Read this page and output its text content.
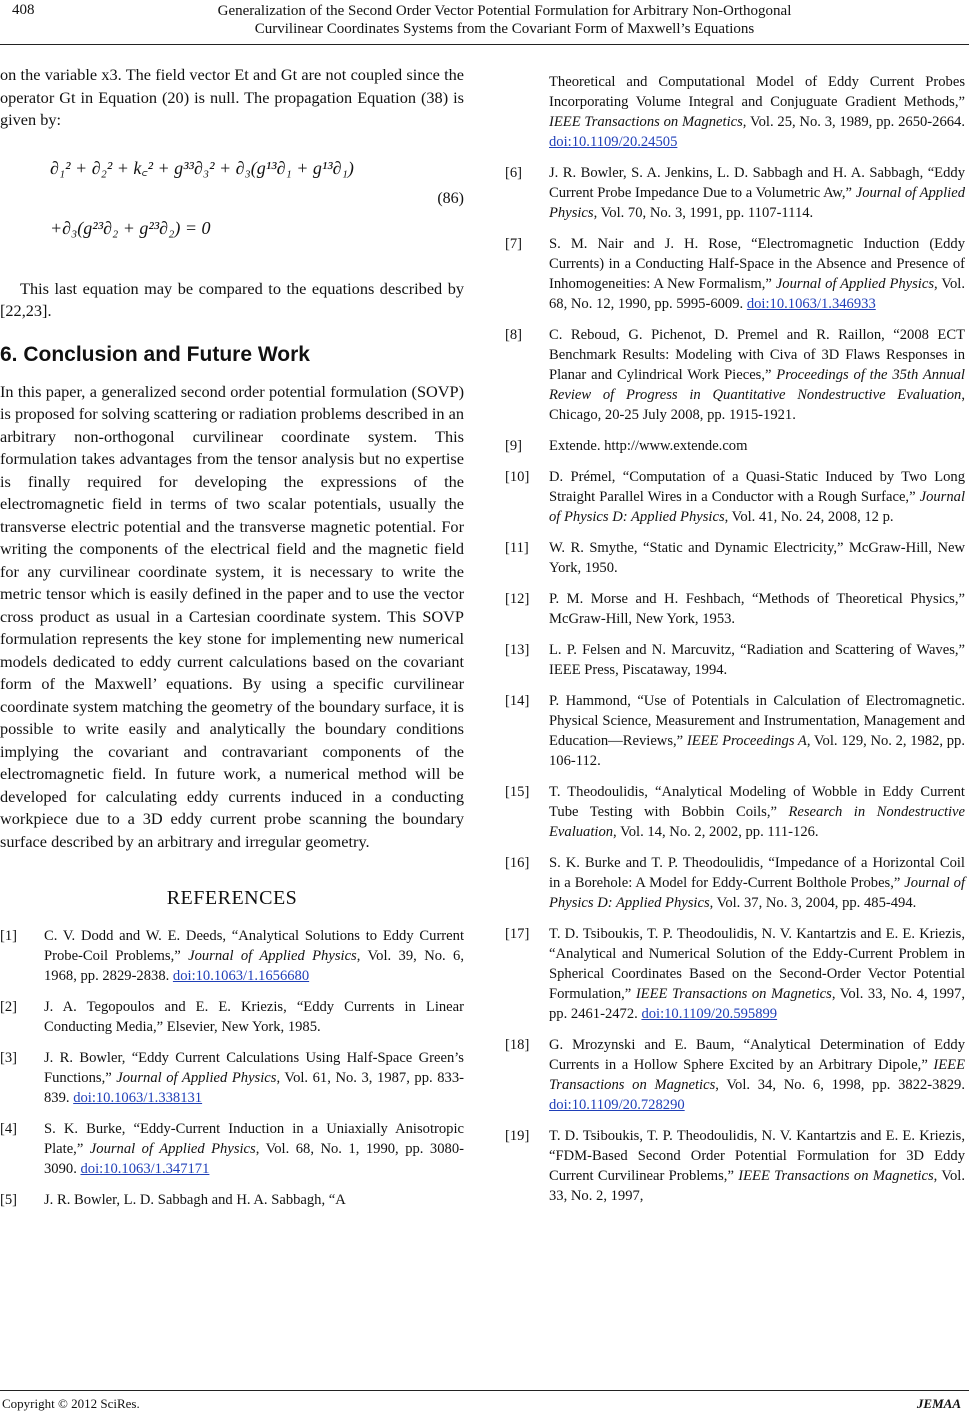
408	Generalization of the Second Order Vector Potential Formulation for Arbitrary Non-Orthogonal
Curvilinear Coordinates Systems from the Covariant Form of Maxwell’s Equations

on the variable x3. The field vector Et and Gt are not coupled since the operator Gt in Equation (20) is null. The propagation Equation (38) is given by:

∂₁² + ∂₂² + k꜀² + g³³∂₃² + ∂₃(g¹³∂₁ + g¹³∂₁)
+∂₃(g²³∂₂ + g²³∂₂) = 0
(86)

This last equation may be compared to the equations described by [22,23].

6. Conclusion and Future Work

In this paper, a generalized second order potential formulation (SOVP) is proposed for solving scattering or radiation problems described in an arbitrary non-orthogonal curvilinear coordinate system. This formulation takes advantages from the tensor analysis but no expertise is finally required for developing the expressions of the electromagnetic field in terms of two scalar potentials, usually the transverse electric potential and the transverse magnetic potential. For writing the components of the electrical field and the magnetic field for any curvilinear coordinate system, it is necessary to write the metric tensor which is easily defined in the paper and to use the vector cross product as usual in a Cartesian coordinate system. This SOVP formulation represents the key stone for implementing new numerical models dedicated to eddy current calculations based on the covariant form of the Maxwell’ equations. By using a specific curvilinear coordinate system matching the geometry of the boundary surface, it is possible to write easily and analytically the boundary conditions implying the covariant and contravariant components of the electromagnetic field. In future work, a numerical method will be developed for calculating eddy currents induced in a conducting workpiece due to a 3D eddy current probe scanning the boundary surface described by an arbitrary and irregular geometry.

REFERENCES
[1]	C. V. Dodd and W. E. Deeds, “Analytical Solutions to Eddy Current Probe-Coil Problems,” Journal of Applied Physics, Vol. 39, No. 6, 1968, pp. 2829-2838. doi:10.1063/1.1656680
[2]	J. A. Tegopoulos and E. E. Kriezis, “Eddy Currents in Linear Conducting Media,” Elsevier, New York, 1985.
[3]	J. R. Bowler, “Eddy Current Calculations Using Half-Space Green’s Functions,” Journal of Applied Physics, Vol. 61, No. 3, 1987, pp. 833-839. doi:10.1063/1.338131
[4]	S. K. Burke, “Eddy-Current Induction in a Uniaxially Anisotropic Plate,” Journal of Applied Physics, Vol. 68, No. 1, 1990, pp. 3080-3090. doi:10.1063/1.347171
[5]	J. R. Bowler, L. D. Sabbagh and H. A. Sabbagh, “A
Theoretical and Computational Model of Eddy Current Probes Incorporating Volume Integral and Conjuguate Gradient Methods,” IEEE Transactions on Magnetics, Vol. 25, No. 3, 1989, pp. 2650-2664. doi:10.1109/20.24505
[6]	J. R. Bowler, S. A. Jenkins, L. D. Sabbagh and H. A. Sabbagh, “Eddy Current Probe Impedance Due to a Volumetric Aw,” Journal of Applied Physics, Vol. 70, No. 3, 1991, pp. 1107-1114.
[7]	S. M. Nair and J. H. Rose, “Electromagnetic Induction (Eddy Currents) in a Conducting Half-Space in the Absence and Presence of Inhomogeneities: A New Formalism,” Journal of Applied Physics, Vol. 68, No. 12, 1990, pp. 5995-6009. doi:10.1063/1.346933
[8]	C. Reboud, G. Pichenot, D. Premel and R. Raillon, “2008 ECT Benchmark Results: Modeling with Civa of 3D Flaws Responses in Planar and Cylindrical Work Pieces,” Proceedings of the 35th Annual Review of Progress in Quantitative Nondestructive Evaluation, Chicago, 20-25 July 2008, pp. 1915-1921.
[9]	Extende. http://www.extende.com
[10]	D. Prémel, “Computation of a Quasi-Static Induced by Two Long Straight Parallel Wires in a Conductor with a Rough Surface,” Journal of Physics D: Applied Physics, Vol. 41, No. 24, 2008, 12 p.
[11]	W. R. Smythe, “Static and Dynamic Electricity,” McGraw-Hill, New York, 1950.
[12]	P. M. Morse and H. Feshbach, “Methods of Theoretical Physics,” McGraw-Hill, New York, 1953.
[13]	L. P. Felsen and N. Marcuvitz, “Radiation and Scattering of Waves,” IEEE Press, Piscataway, 1994.
[14]	P. Hammond, “Use of Potentials in Calculation of Electromagnetic. Physical Science, Measurement and Instrumentation, Management and Education—Reviews,” IEEE Proceedings A, Vol. 129, No. 2, 1982, pp. 106-112.
[15]	T. Theodoulidis, “Analytical Modeling of Wobble in Eddy Current Tube Testing with Bobbin Coils,” Research in Nondestructive Evaluation, Vol. 14, No. 2, 2002, pp. 111-126.
[16]	S. K. Burke and T. P. Theodoulidis, “Impedance of a Horizontal Coil in a Borehole: A Model for Eddy-Current Bolthole Probes,” Journal of Physics D: Applied Physics, Vol. 37, No. 3, 2004, pp. 485-494.
[17]	T. D. Tsiboukis, T. P. Theodoulidis, N. V. Kantartzis and E. E. Kriezis, “Analytical and Numerical Solution of the Eddy-Current Problem in Spherical Coordinates Based on the Second-Order Vector Potential Formulation,” IEEE Transactions on Magnetics, Vol. 33, No. 4, 1997, pp. 2461-2472. doi:10.1109/20.595899
[18]	G. Mrozynski and E. Baum, “Analytical Determination of Eddy Currents in a Hollow Sphere Excited by an Arbitrary Dipole,” IEEE Transactions on Magnetics, Vol. 34, No. 6, 1998, pp. 3822-3829. doi:10.1109/20.728290
[19]	T. D. Tsiboukis, T. P. Theodoulidis, N. V. Kantartzis and E. E. Kriezis, “FDM-Based Second Order Potential Formulation for 3D Eddy Current Curvilinear Problems,” IEEE Transactions on Magnetics, Vol. 33, No. 2, 1997,
Copyright © 2012 SciRes.	JEMAA
